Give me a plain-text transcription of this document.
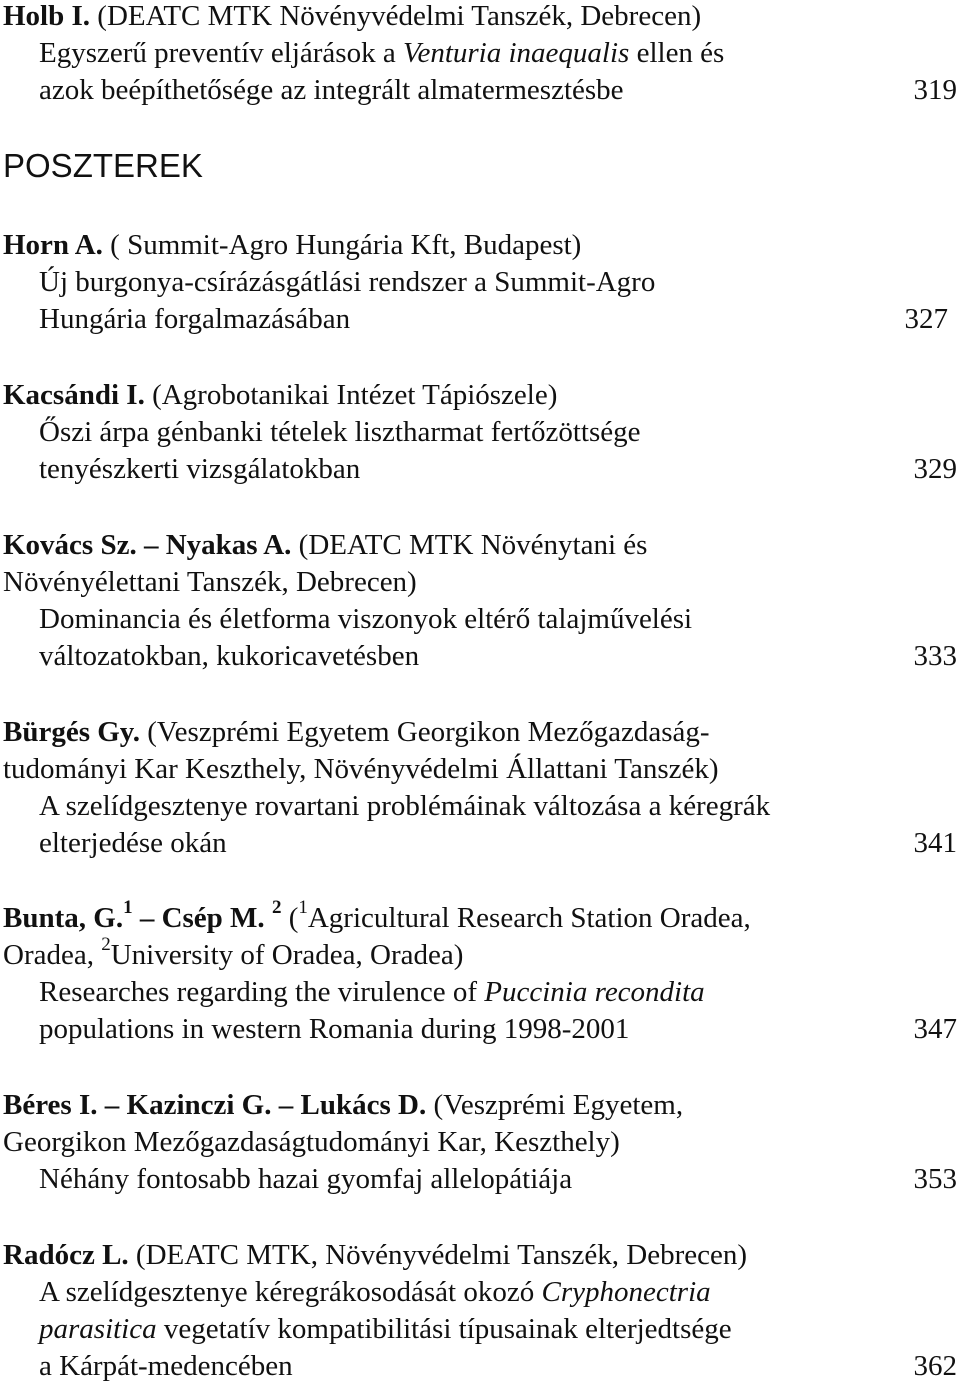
Holb I. (DEATC MTK Növényvédelmi Tanszék, Debrecen)
Egyszerű preventív eljárások a Venturia inaequalis ellen és
azok beépíthetősége az integrált almatermesztésbe	319
POSZTEREK
Horn A. ( Summit-Agro Hungária Kft, Budapest)
Új burgonya-csírázásgátlási rendszer a Summit-Agro
Hungária forgalmazásában	327
Kacsándi I. (Agrobotanikai Intézet Tápiószele)
Őszi árpa génbanki tételek lisztharmat fertőzöttsége
tenyészkerti vizsgálatokban	329
Kovács Sz. – Nyakas A. (DEATC MTK Növénytani és
Növényélettani Tanszék, Debrecen)
Dominancia és életforma viszonyok eltérő talajművelési
változatokban, kukoricavetésben	333
Bürgés Gy. (Veszprémi Egyetem Georgikon Mezőgazdaság-
tudományi Kar Keszthely, Növényvédelmi Állattani Tanszék)
A szelídgesztenye rovartani problémáinak változása a kéregrák
elterjedése okán	341
Bunta, G.$^1$ – Csép M. $^2$ ($^1$Agricultural Research Station Oradea,
Oradea, $^2$University of Oradea, Oradea)
Researches regarding the virulence of Puccinia recondita
populations in western Romania during 1998-2001	347
Béres I. – Kazinczi G. – Lukács D. (Veszprémi Egyetem,
Georgikon Mezőgazdaságtudományi Kar, Keszthely)
Néhány fontosabb hazai gyomfaj allelopátiája	353
Radócz L. (DEATC MTK, Növényvédelmi Tanszék, Debrecen)
A szelídgesztenye kéregrákosodását okozó Cryphonectria
parasitica vegetatív kompatibilitási típusainak elterjedtsége
a Kárpát-medencében	362
